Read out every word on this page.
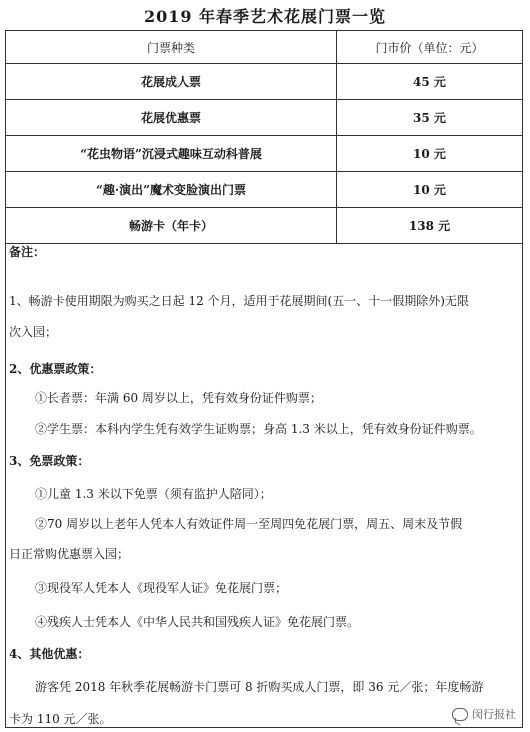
2019 年春季艺术花展门票一览
门票种类	门市价（单位：元）
花展成人票	45 元
花展优惠票	35 元
“花虫物语”沉浸式趣味互动科普展	10 元
“趣·演出”魔术变脸演出门票	10 元
畅游卡（年卡）	138 元
备注：
1、畅游卡使用期限为购买之日起 12 个月，适用于花展期间(五一、十一假期除外)无限
次入园；
2、优惠票政策：
①长者票：年满 60 周岁以上，凭有效身份证件购票；
②学生票：本科内学生凭有效学生证购票；身高 1.3 米以上，凭有效身份证件购票。
3、免票政策：
①儿童 1.3 米以下免票（须有监护人陪同）；
②70 周岁以上老年人凭本人有效证件周一至周四免花展门票，周五、周末及节假
日正常购优惠票入园；
③现役军人凭本人《现役军人证》免花展门票；
④残疾人士凭本人《中华人民共和国残疾人证》免花展门票。
4、其他优惠：
游客凭 2018 年秋季花展畅游卡门票可 8 折购买成人门票，即 36 元／张；年度畅游
卡为 110 元／张。	闵行报社
